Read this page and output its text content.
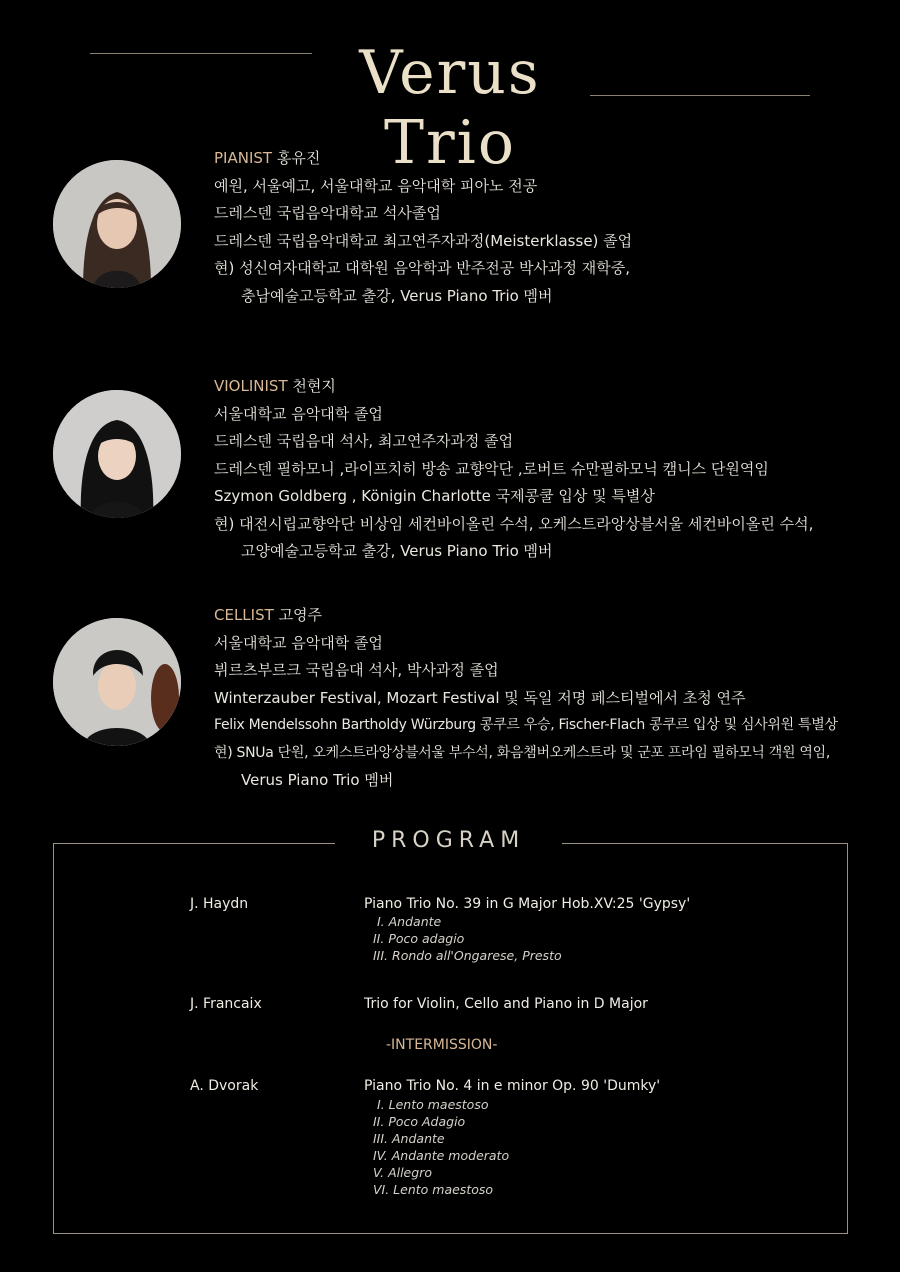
Verus Trio
PIANIST 홍유진
예원, 서울예고, 서울대학교 음악대학 피아노 전공
드레스덴 국립음악대학교 석사졸업
드레스덴 국립음악대학교 최고연주자과정(Meisterklasse) 졸업
현) 성신여자대학교 대학원 음악학과 반주전공 박사과정 재학중,
충남예술고등학교 출강, Verus Piano Trio 멤버
VIOLINIST 천현지
서울대학교 음악대학 졸업
드레스덴 국립음대 석사, 최고연주자과정 졸업
드레스덴 필하모니 ,라이프치히 방송 교향악단 ,로버트 슈만필하모닉 캠니스 단원역임
Szymon Goldberg , Königin Charlotte 국제콩쿨 입상 및 특별상
현) 대전시립교향악단 비상임 세컨바이올린 수석, 오케스트라앙상블서울 세컨바이올린 수석,
고양예술고등학교 출강, Verus Piano Trio 멤버
CELLIST 고영주
서울대학교 음악대학 졸업
뷔르츠부르크 국립음대 석사, 박사과정 졸업
Winterzauber Festival, Mozart Festival 및 독일 저명 페스티벌에서 초청 연주
Felix Mendelssohn Bartholdy Würzburg 콩쿠르 우승, Fischer-Flach 콩쿠르 입상 및 심사위원 특별상
현) SNUa 단원, 오케스트라앙상블서울 부수석, 화음챔버오케스트라 및 군포 프라임 필하모닉 객원 역임,
Verus Piano Trio 멤버
PROGRAM
J. Haydn	Piano Trio No. 39 in G Major Hob.XV:25 'Gypsy'
I. Andante
II. Poco adagio
III. Rondo all'Ongarese, Presto
J. Francaix	Trio for Violin, Cello and Piano in D Major
-INTERMISSION-
A. Dvorak	Piano Trio No. 4 in e minor Op. 90 'Dumky'
I. Lento maestoso
II. Poco Adagio
III. Andante
IV. Andante moderato
V. Allegro
VI. Lento maestoso
